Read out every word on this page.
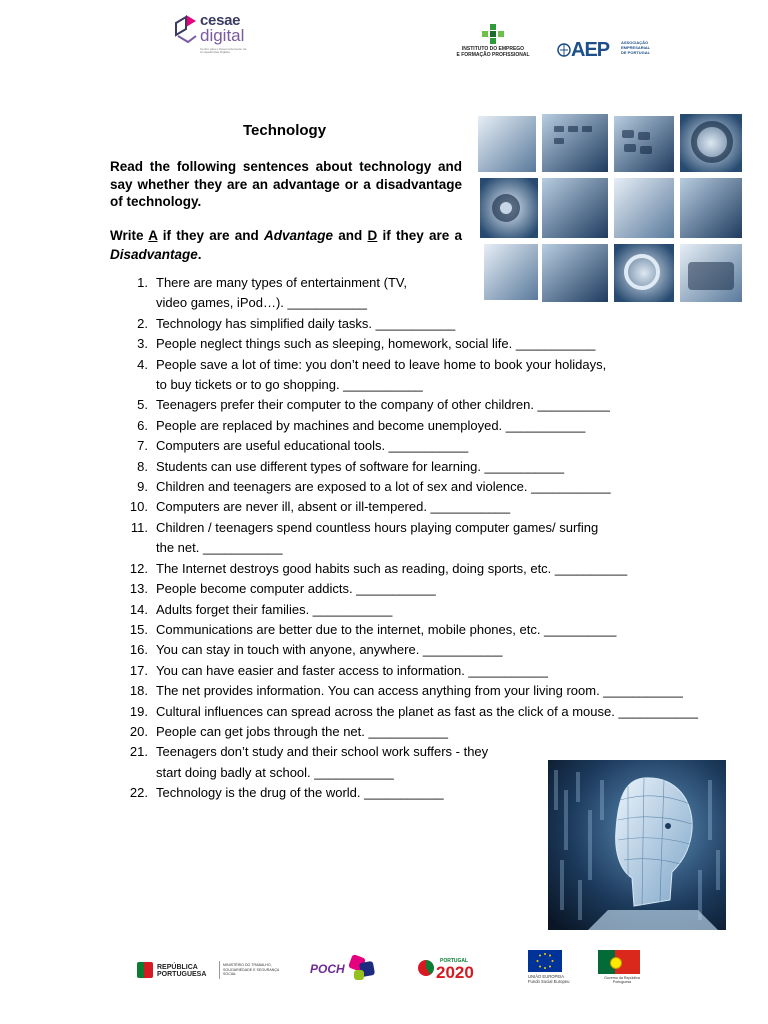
cesae
digital
Centro para o Desenvolvimento de Competências Digitais	INSTITUTO DO EMPREGO
E FORMAÇÃO PROFISSIONAL AEP	ASSOCIAÇÃO
EMPRESARIAL
DE PORTUGAL
Technology
Read the following sentences about technology and say whether they are an advantage or a disadvantage of technology.
Write A if they are and Advantage and D if they are a Disadvantage.
1. There are many types of entertainment (TV,
video games, iPod…). ___________
2. Technology has simplified daily tasks. ___________
3. People neglect things such as sleeping, homework, social life. ___________
4. People save a lot of time: you don’t need to leave home to book your holidays,
to buy tickets or to go shopping. ___________
5. Teenagers prefer their computer to the company of other children. __________
6. People are replaced by machines and become unemployed. ___________
7. Computers are useful educational tools. ___________
8. Students can use different types of software for learning. ___________
9. Children and teenagers are exposed to a lot of sex and violence. ___________
10. Computers are never ill, absent or ill-tempered. ___________
11. Children / teenagers spend countless hours playing computer games/ surfing
the net. ___________
12. The Internet destroys good habits such as reading, doing sports, etc. __________
13. People become computer addicts. ___________
14. Adults forget their families. ___________
15. Communications are better due to the internet, mobile phones, etc. __________
16. You can stay in touch with anyone, anywhere. ___________
17. You can have easier and faster access to information. ___________
18. The net provides information. You can access anything from your living room. ___________
19. Cultural influences can spread across the planet as fast as the click of a mouse. ___________
20. People can get jobs through the net. ___________
21. Teenagers don’t study and their school work suffers - they
start doing badly at school. ___________
22. Technology is the drug of the world. ___________
REPÚBLICA
PORTUGUESA
MINISTÉRIO DO TRABALHO, SOLIDARIEDADE E SEGURANÇA SOCIAL	POCH
PORTUGAL
2020	UNIÃO EUROPEIA
Fundo Social Europeu
Governo da República
Portuguesa
